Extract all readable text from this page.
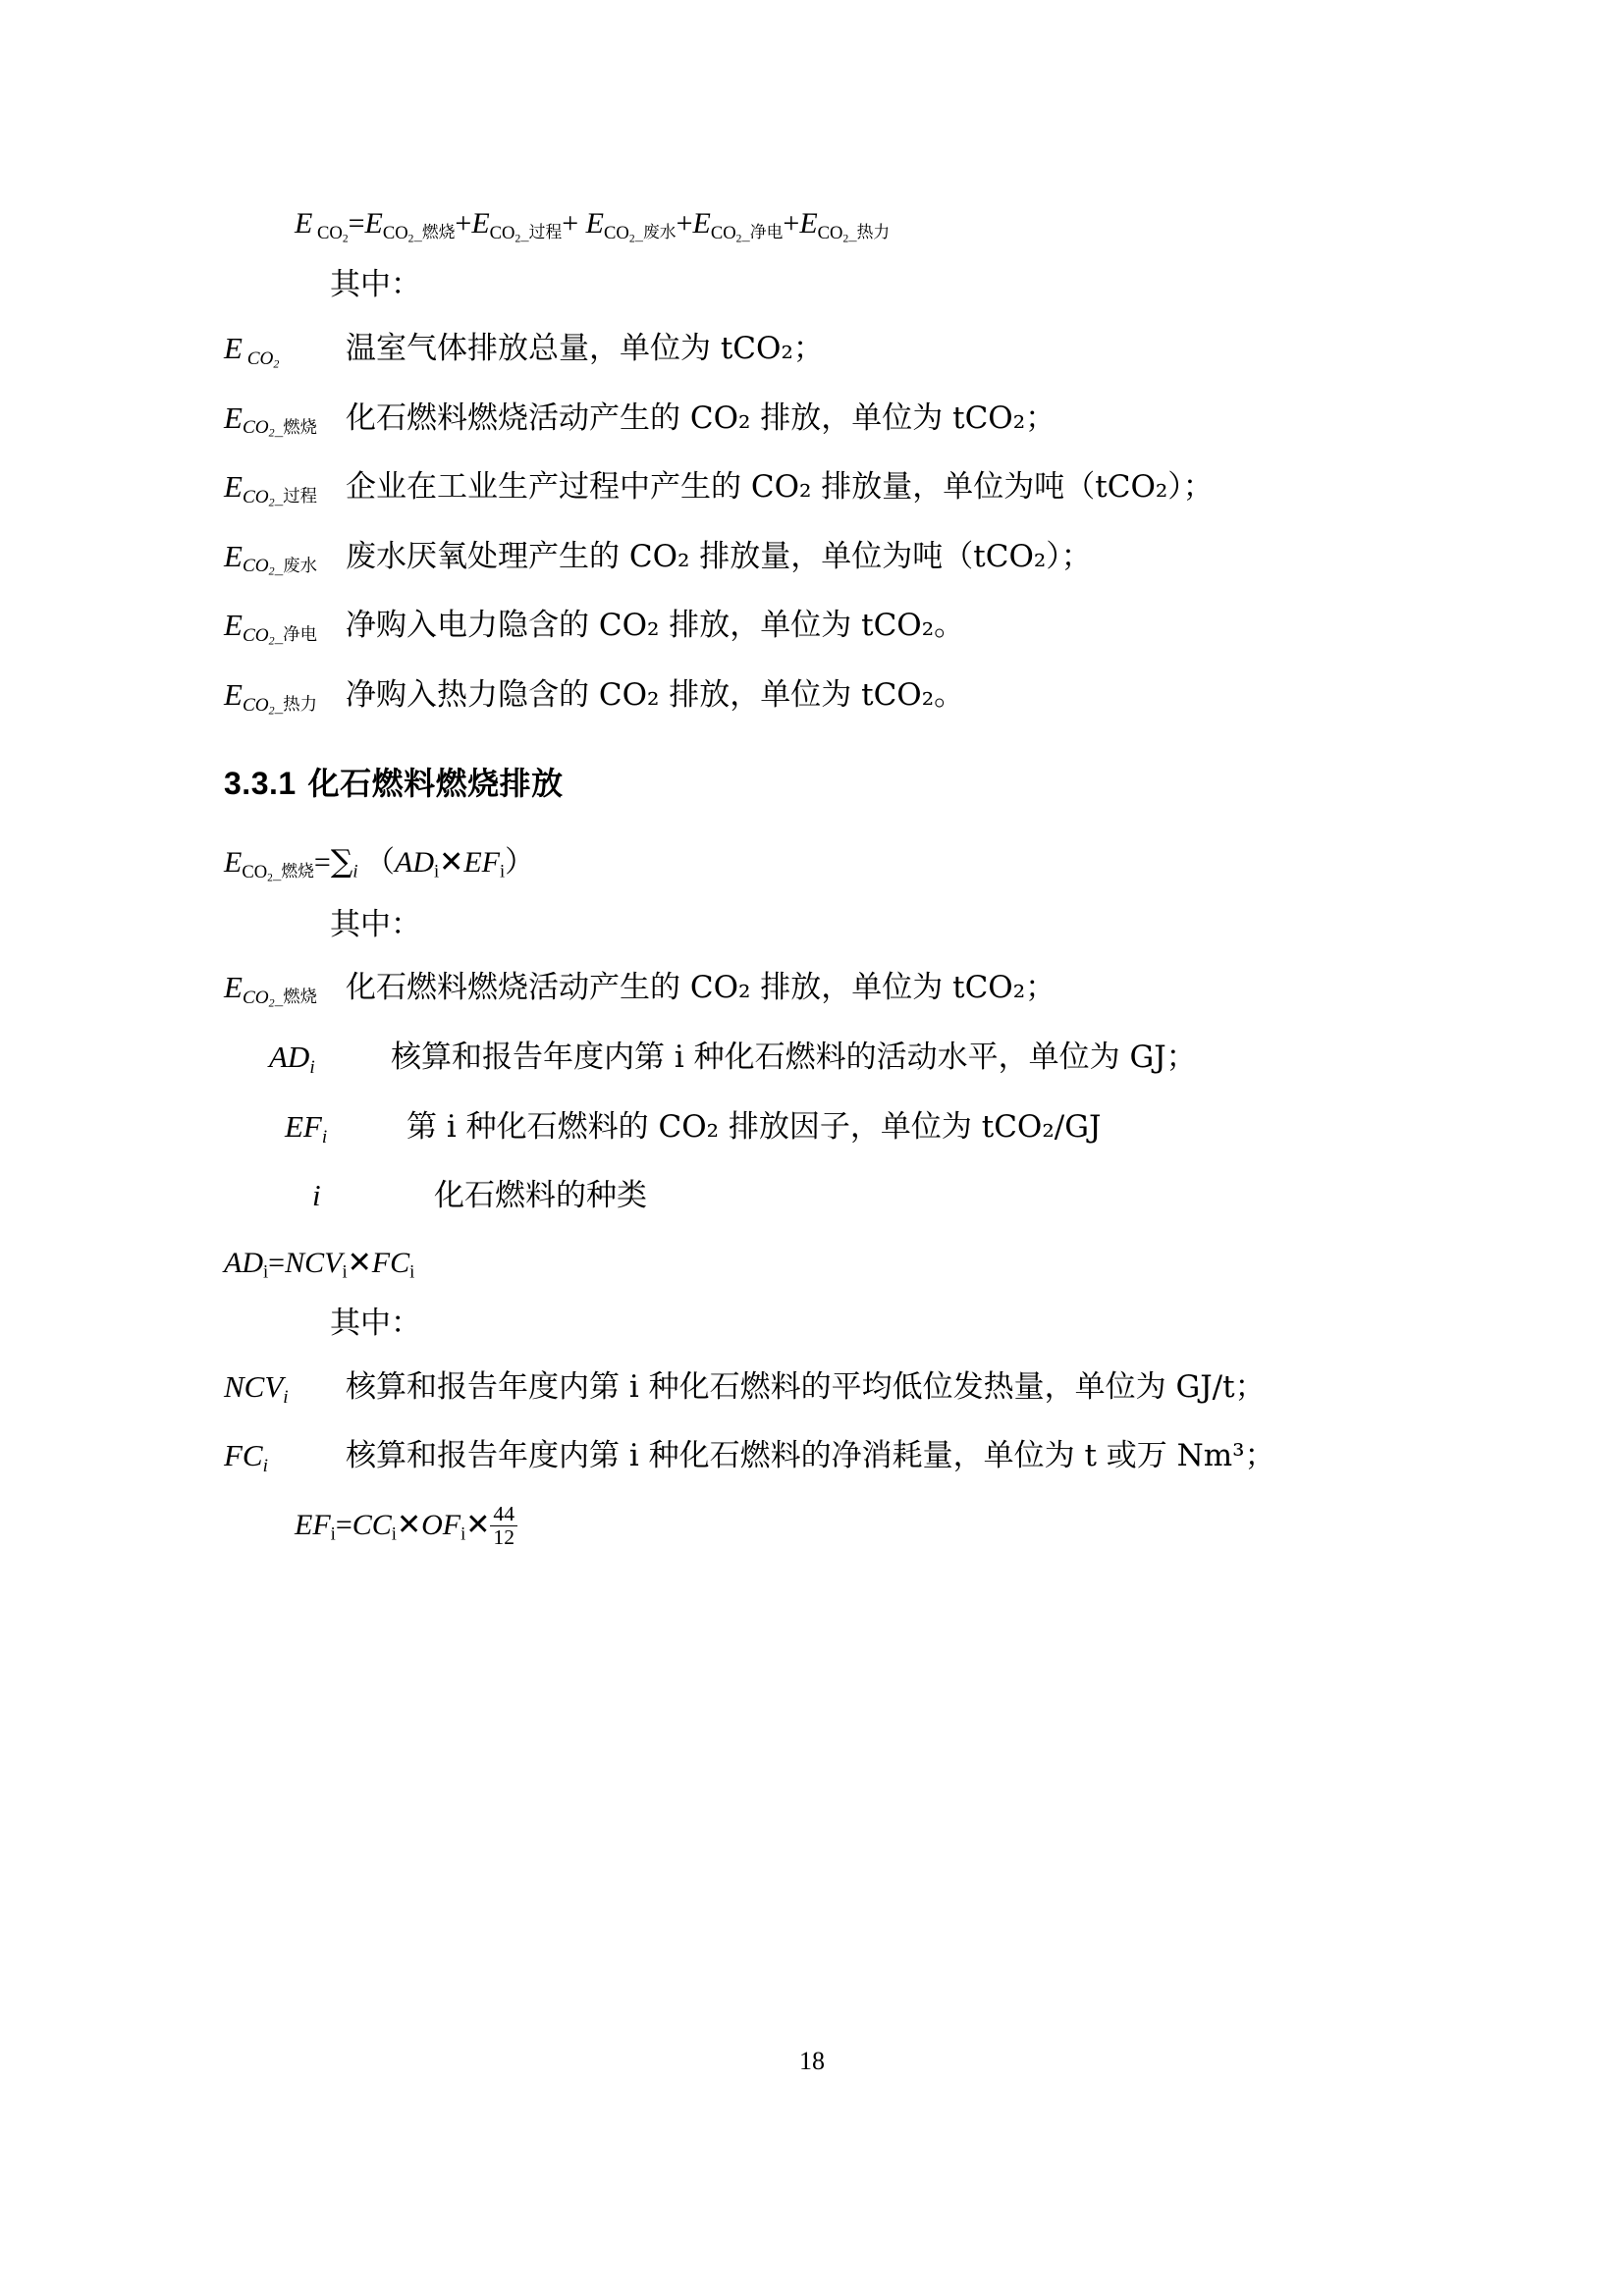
E $_{CO_2}=E_{CO_2}\_$燃烧$+E_{CO_2}\_$过程+ $E_{CO_2}\_$废水$+E_{CO_2}\_$净电$+E_{CO_2}\_$热力
其中：
E $_{CO_2}$	温室气体排放总量，单位为 tCO₂；
$E_{CO_2}\_$燃烧 化石燃料燃烧活动产生的 CO₂ 排放，单位为 tCO₂；
$E_{CO_2}\_$过程 企业在工业生产过程中产生的 CO₂ 排放量，单位为吨（tCO₂）；
$E_{CO_2}\_$废水 废水厌氧处理产生的 CO₂ 排放量，单位为吨（tCO₂）；
$E_{CO_2}\_$净电 净购入电力隐含的 CO₂ 排放，单位为 tCO₂。
$E_{CO_2}\_$热力 净购入热力隐含的 CO₂ 排放，单位为 tCO₂。
3.3.1 化石燃料燃烧排放
$E_{CO_2}\_$燃烧$=\sum_i$ $(AD_i✕EF_i)$
其中：
$E_{CO_2}\_$燃烧 化石燃料燃烧活动产生的 CO₂ 排放，单位为 tCO₂；
$AD_i$	核算和报告年度内第 i 种化石燃料的活动水平，单位为 GJ；
$EF_i$	第 i 种化石燃料的 CO₂ 排放因子，单位为 tCO₂/GJ
i	化石燃料的种类
$AD_i=NCV_i✕FC_i$
其中：
$NCV_i$	核算和报告年度内第 i 种化石燃料的平均低位发热量，单位为 GJ/t；
$FC_i$	核算和报告年度内第 i 种化石燃料的净消耗量，单位为 t 或万 Nm³；
$EF_i=CC_i✕OF_i✕ \frac{44}{12}$
18
